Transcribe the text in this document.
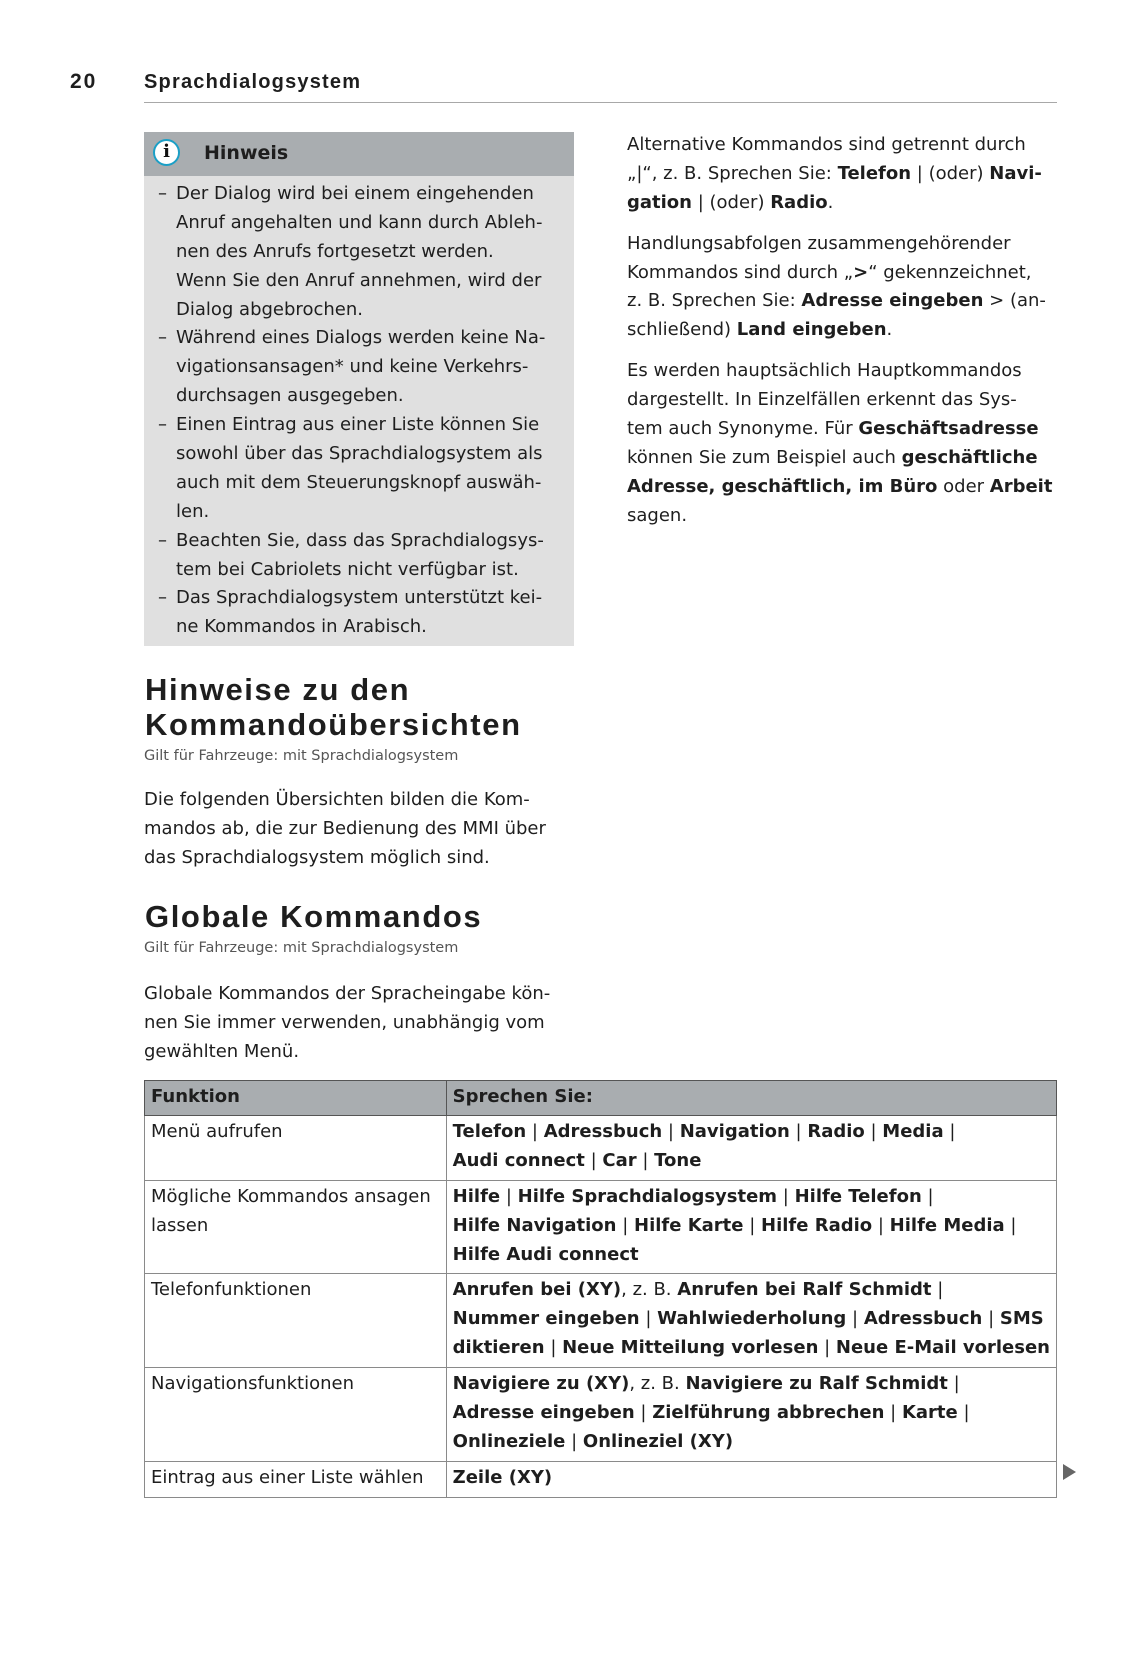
20 Sprachdialogsystem
i	Hinweis
– Der Dialog wird bei einem eingehenden
Anruf angehalten und kann durch Ableh-
nen des Anrufs fortgesetzt werden.
Wenn Sie den Anruf annehmen, wird der
Dialog abgebrochen.
– Während eines Dialogs werden keine Na-
vigationsansagen* und keine Verkehrs-
durchsagen ausgegeben.
– Einen Eintrag aus einer Liste können Sie
sowohl über das Sprachdialogsystem als
auch mit dem Steuerungsknopf auswäh-
len.
– Beachten Sie, dass das Sprachdialogsys-
tem bei Cabriolets nicht verfügbar ist.
– Das Sprachdialogsystem unterstützt kei-
ne Kommandos in Arabisch.
Alternative Kommandos sind getrennt durch
„|“, z. B. Sprechen Sie: Telefon | (oder) Navi-
gation | (oder) Radio.
Handlungsabfolgen zusammengehörender
Kommandos sind durch „>“ gekennzeichnet,
z. B. Sprechen Sie: Adresse eingeben > (an-
schließend) Land eingeben.
Es werden hauptsächlich Hauptkommandos
dargestellt. In Einzelfällen erkennt das Sys-
tem auch Synonyme. Für Geschäftsadresse
können Sie zum Beispiel auch geschäftliche
Adresse, geschäftlich, im Büro oder Arbeit
sagen.
Hinweise zu den
Kommandoübersichten
Gilt für Fahrzeuge: mit Sprachdialogsystem
Die folgenden Übersichten bilden die Kom-
mandos ab, die zur Bedienung des MMI über
das Sprachdialogsystem möglich sind.
Globale Kommandos
Gilt für Fahrzeuge: mit Sprachdialogsystem
Globale Kommandos der Spracheingabe kön-
nen Sie immer verwenden, unabhängig vom
gewählten Menü.
Funktion	Sprechen Sie:

Menü aufrufen	Telefon | Adressbuch | Navigation | Radio | Media |
Audi connect | Car | Tone

Mögliche Kommandos ansagen
lassen	Hilfe | Hilfe Sprachdialogsystem | Hilfe Telefon |
Hilfe Navigation | Hilfe Karte | Hilfe Radio | Hilfe Media |
Hilfe Audi connect

Telefonfunktionen	Anrufen bei (XY), z. B. Anrufen bei Ralf Schmidt |
Nummer eingeben | Wahlwiederholung | Adressbuch | SMS
diktieren | Neue Mitteilung vorlesen | Neue E-Mail vorlesen

Navigationsfunktionen	Navigiere zu (XY), z. B. Navigiere zu Ralf Schmidt |
Adresse eingeben | Zielführung abbrechen | Karte |
Onlineziele | Onlineziel (XY)

Eintrag aus einer Liste wählen	Zeile (XY)
